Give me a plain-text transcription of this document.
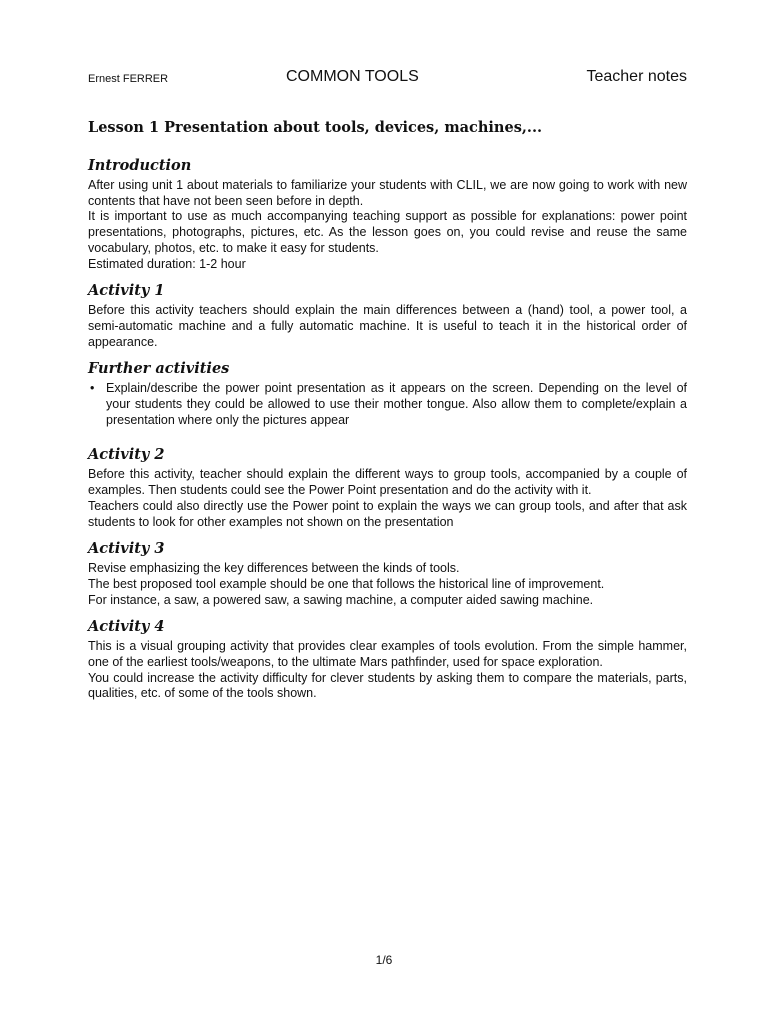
Ernest FERRER	COMMON TOOLS	Teacher notes
Lesson 1 Presentation about tools, devices, machines,...
Introduction

After using unit 1 about materials to familiarize your students with CLIL, we are now going to work with new contents that have not been seen before in depth.

It is important to use as much accompanying teaching support as possible for explanations: power point presentations, photographs, pictures, etc. As the lesson goes on, you could revise and reuse the same vocabulary, photos, etc. to make it easy for students.

Estimated duration: 1-2 hour

Activity 1

Before this activity teachers should explain the main differences between a (hand) tool, a power tool, a semi-automatic machine and a fully automatic machine. It is useful to teach it in the historical order of appearance.

Further activities
• Explain/describe the power point presentation as it appears on the screen. Depending on the level of your students they could be allowed to use their mother tongue. Also allow them to complete/explain a presentation where only the pictures appear
Activity 2

Before this activity, teacher should explain the different ways to group tools, accompanied by a couple of examples. Then students could see the Power Point presentation and do the activity with it.

Teachers could also directly use the Power point to explain the ways we can group tools, and after that ask students to look for other examples not shown on the presentation

Activity 3

Revise emphasizing the key differences between the kinds of tools.

The best proposed tool example should be one that follows the historical line of improvement.

For instance, a saw, a powered saw, a sawing machine, a computer aided sawing machine.

Activity 4

This is a visual grouping activity that provides clear examples of tools evolution. From the simple hammer, one of the earliest tools/weapons, to the ultimate Mars pathfinder, used for space exploration.

You could increase the activity difficulty for clever students by asking them to compare the materials, parts, qualities, etc. of some of the tools shown.

1/6
